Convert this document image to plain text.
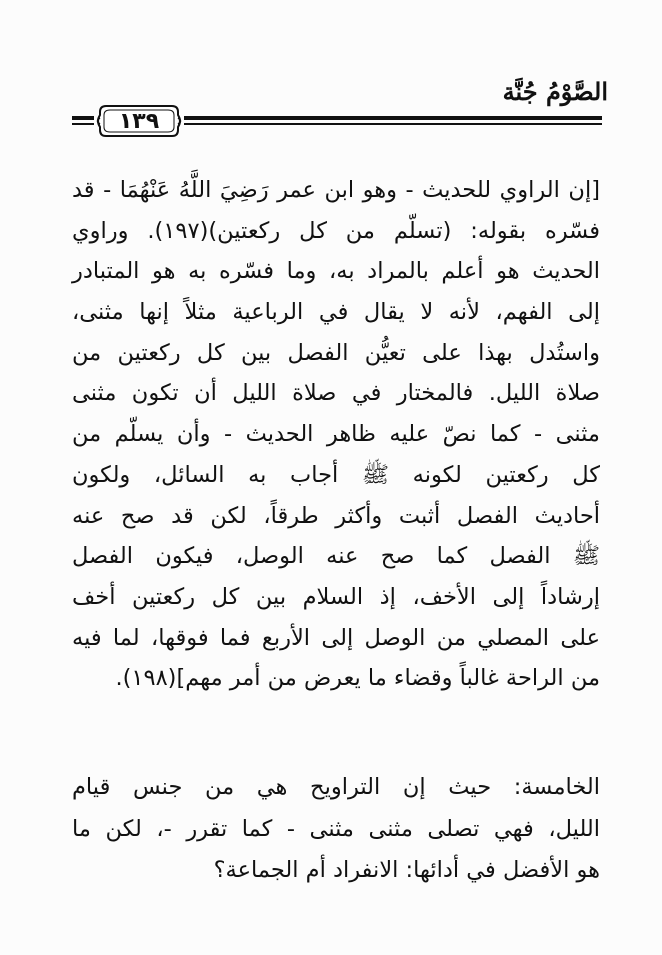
الصَّوْمُ جُنَّة
١٣٩
[إن الراوي للحديث - وهو ابن عمر رَضِيَ اللَّهُ عَنْهُمَا - قد
فسّره بقوله: (تسلّم من كل ركعتين)(١٩٧). وراوي
الحديث هو أعلم بالمراد به، وما فسّره به هو المتبادر
إلى الفهم، لأنه لا يقال في الرباعية مثلاً إنها مثنى،
واستُدل بهذا على تعيُّن الفصل بين كل ركعتين من
صلاة الليل. فالمختار في صلاة الليل أن تكون مثنى
مثنى - كما نصّ عليه ظاهر الحديث - وأن يسلّم من
كل ركعتين لكونه ﷺ أجاب به السائل، ولكون
أحاديث الفصل أثبت وأكثر طرقاً، لكن قد صح عنه
ﷺ الفصل كما صح عنه الوصل، فيكون الفصل
إرشاداً إلى الأخف، إذ السلام بين كل ركعتين أخف
على المصلي من الوصل إلى الأربع فما فوقها، لما فيه
من الراحة غالباً وقضاء ما يعرض من أمر مهم](١٩٨).
الخامسة: حيث إن التراويح هي من جنس قيام
الليل، فهي تصلى مثنى مثنى - كما تقرر -، لكن ما
هو الأفضل في أدائها: الانفراد أم الجماعة؟
